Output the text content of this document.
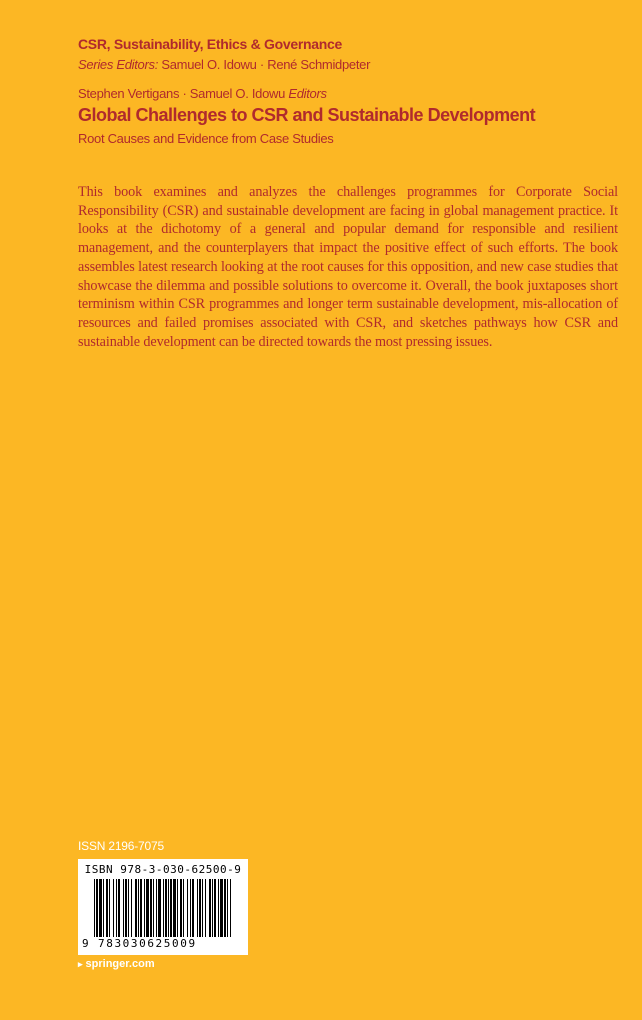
CSR, Sustainability, Ethics & Governance
Series Editors: Samuel O. Idowu · René Schmidpeter
Stephen Vertigans · Samuel O. Idowu Editors
Global Challenges to CSR and Sustainable Development
Root Causes and Evidence from Case Studies

This book examines and analyzes the challenges programmes for Corporate Social Responsibility (CSR) and sustainable development are facing in global management practice. It looks at the dichotomy of a general and popular demand for responsible and resilient management, and the counterplayers that impact the positive effect of such efforts. The book assembles latest research looking at the root causes for this opposition, and new case studies that showcase the dilemma and possible solutions to overcome it. Overall, the book juxtaposes short terminism within CSR programmes and longer term sustainable development, mis-allocation of resources and failed promises associated with CSR, and sketches pathways how CSR and sustainable development can be directed towards the most pressing issues.

ISSN 2196-7075
ISBN 978-3-030-62500-9
9 783030625009
▸ springer.com
